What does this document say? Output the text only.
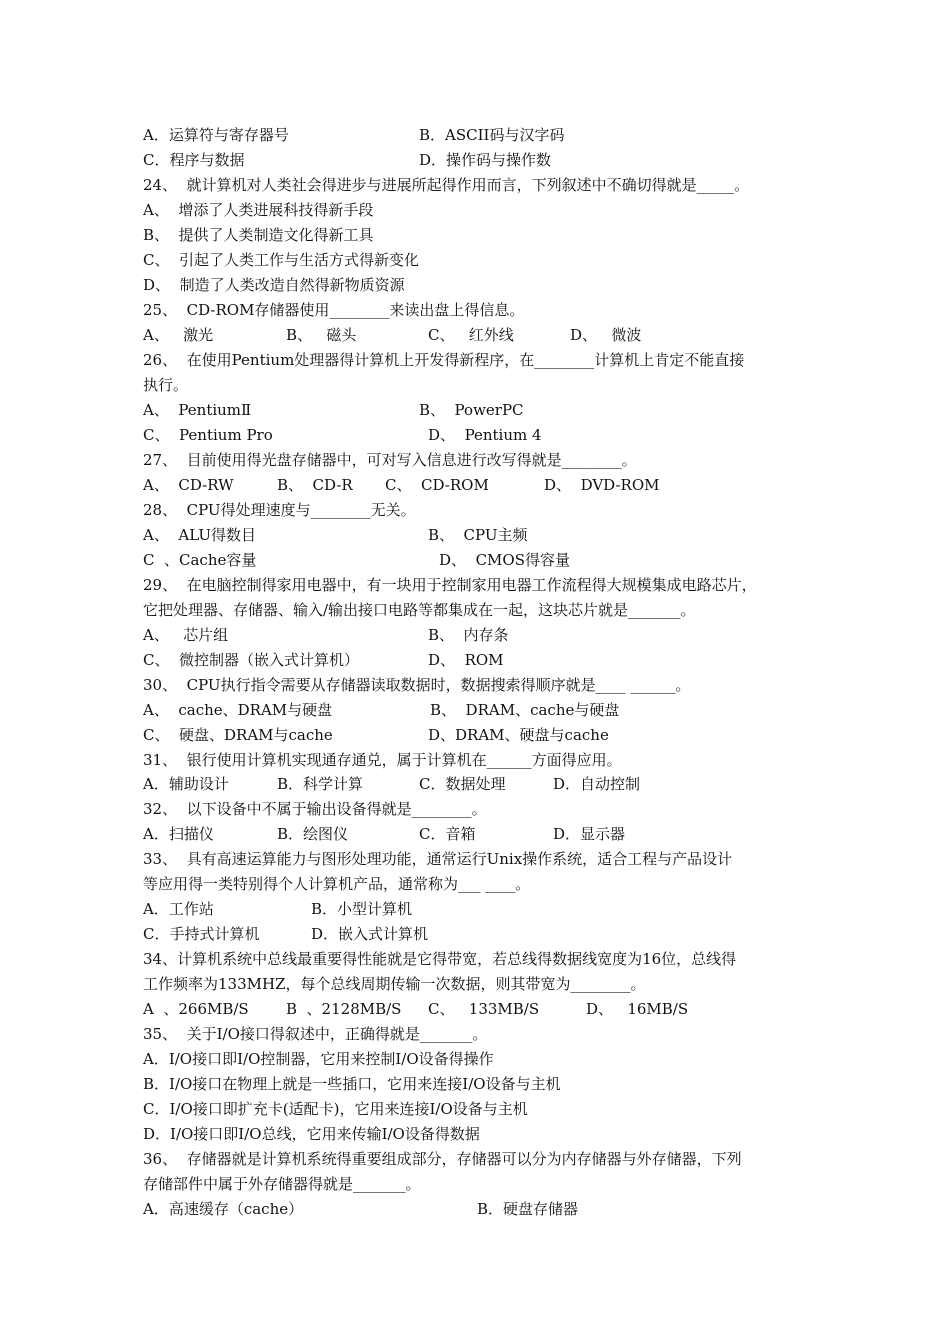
A．运算符与寄存器号	B．ASCII码与汉字码
C．程序与数据	D．操作码与操作数
24、  就计算机对人类社会得进步与进展所起得作用而言，下列叙述中不确切得就是_____。
A、  增添了人类进展科技得新手段
B、  提供了人类制造文化得新工具
C、  引起了人类工作与生活方式得新变化
D、  制造了人类改造自然得新物质资源
25、  CD-ROM存储器使用________来读出盘上得信息。
A、   激光	B、   磁头	C、   红外线	D、   微波
26、  在使用Pentium处理器得计算机上开发得新程序，在________计算机上肯定不能直接
执行。
A、  PentiumⅡ	B、  PowerPC
C、  Pentium Pro	D、  Pentium 4
27、  目前使用得光盘存储器中，可对写入信息进行改写得就是________。
A、  CD-RW	B、  CD-R C、  CD-ROM	D、  DVD-ROM
28、  CPU得处理速度与________无关。
A、  ALU得数目	B、  CPU主频
C  、Cache容量	D、  CMOS得容量
29、  在电脑控制得家用电器中，有一块用于控制家用电器工作流程得大规模集成电路芯片，
它把处理器、存储器、输入/输出接口电路等都集成在一起，这块芯片就是_______。
A、   芯片组	B、  内存条
C、  微控制器（嵌入式计算机）	D、  ROM
30、  CPU执行指令需要从存储器读取数据时，数据搜索得顺序就是____ ______。
A、  cache、DRAM与硬盘	B、  DRAM、cache与硬盘
C、  硬盘、DRAM与cache	D、DRAM、硬盘与cache
31、  银行使用计算机实现通存通兑，属于计算机在______方面得应用。
A．辅助设计	B．科学计算	C．数据处理	D．自动控制
32、  以下设备中不属于输出设备得就是________。
A．扫描仪	B．绘图仪	C．音箱	D．显示器
33、  具有高速运算能力与图形处理功能，通常运行Unix操作系统，适合工程与产品设计
等应用得一类特别得个人计算机产品，通常称为___ ____。
A．工作站	B．小型计算机
C．手持式计算机	D．嵌入式计算机
34、计算机系统中总线最重要得性能就是它得带宽，若总线得数据线宽度为16位，总线得
工作频率为133MHZ，每个总线周期传输一次数据，则其带宽为________。
A  、266MB/S B  、2128MB/S C、   133MB/S	D、   16MB/S
35、  关于I/O接口得叙述中，正确得就是_______。
A．I/O接口即I/O控制器，它用来控制I/O设备得操作
B．I/O接口在物理上就是一些插口，它用来连接I/O设备与主机
C．I/O接口即扩充卡(适配卡)，它用来连接I/O设备与主机
D．I/O接口即I/O总线，它用来传输I/O设备得数据
36、  存储器就是计算机系统得重要组成部分，存储器可以分为内存储器与外存储器，下列
存储部件中属于外存储器得就是_______。
A．高速缓存（cache）	B．硬盘存储器
